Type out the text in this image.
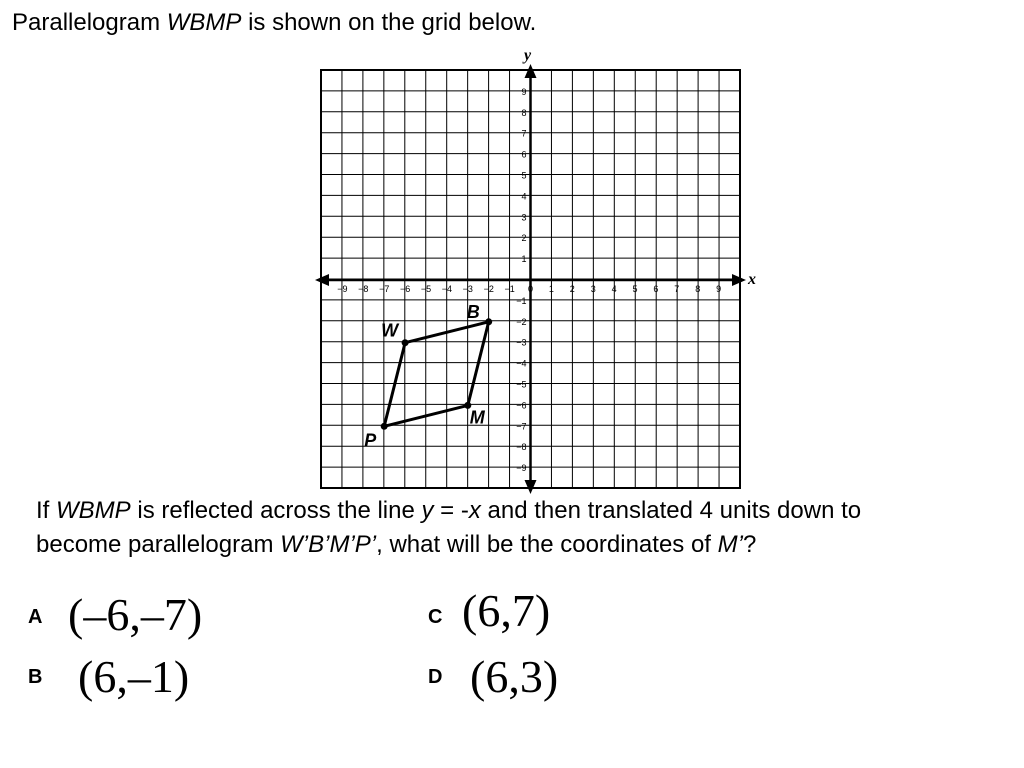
Parallelogram WBMP is shown on the grid below.
−9 −8 −7 −6 −5 −4 −3 −2 −1 0 1 2 3 4 5 6 7 8 9
9
8
7
6
5
4
3
2
1
−1
−2
−3
−4
−5
−6
−7
−8
−9
W
B
M
P
x
y

If WBMP is reflected across the line y = -x and then translated 4 units down to become parallelogram W’B’M’P’, what will be the coordinates of M’?

A (–6,–7)
B (6,–1)
C (6,7)
D (6,3)
